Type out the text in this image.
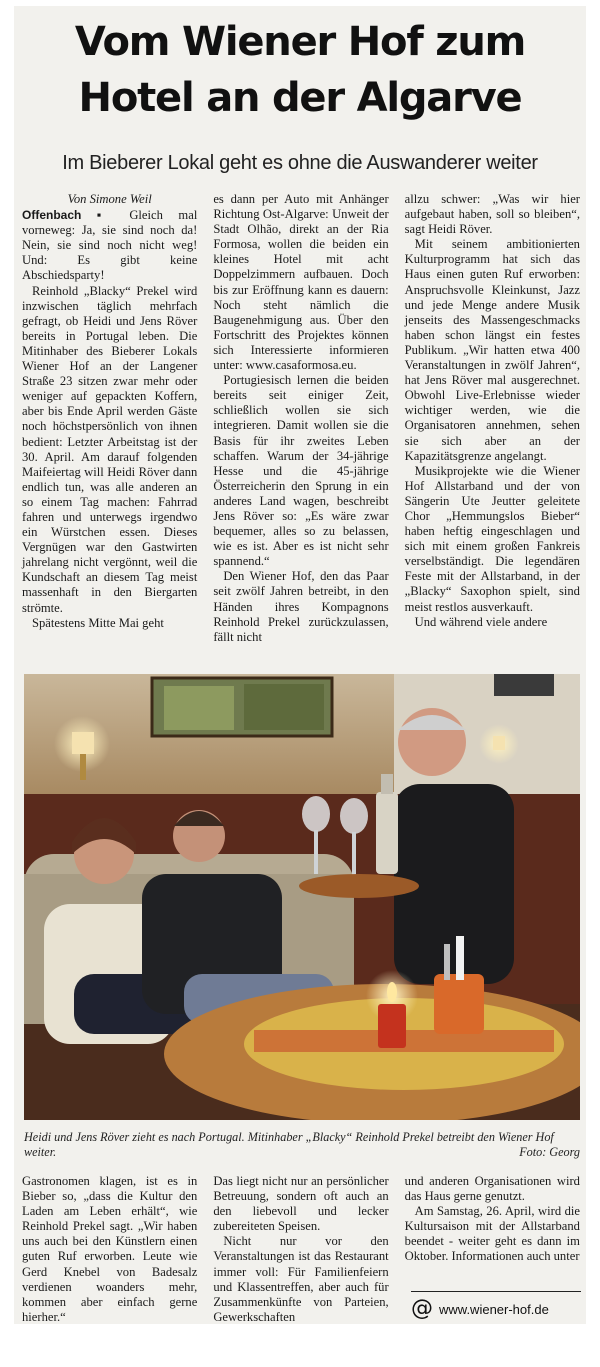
Vom Wiener Hof zum
Hotel an der Algarve
Im Bieberer Lokal geht es ohne die Auswanderer weiter
Von Simone Weil

Offenbach ▪ Gleich mal vorneweg: Ja, sie sind noch da! Nein, sie sind noch nicht weg! Und: Es gibt keine Abschiedsparty!

Reinhold „Blacky“ Prekel wird inzwischen täglich mehrfach gefragt, ob Heidi und Jens Röver bereits in Portugal leben. Die Mitinhaber des Bieberer Lokals Wiener Hof an der Langener Straße 23 sitzen zwar mehr oder weniger auf gepackten Koffern, aber bis Ende April werden Gäste noch höchstpersönlich von ihnen bedient: Letzter Arbeitstag ist der 30. April. Am darauf folgenden Maifeiertag will Heidi Röver dann endlich tun, was alle anderen an so einem Tag machen: Fahrrad fahren und unterwegs irgendwo ein Würstchen essen. Dieses Vergnügen war den Gastwirten jahrelang nicht vergönnt, weil die Kundschaft an diesem Tag meist massenhaft in den Biergarten strömte.

Spätestens Mitte Mai geht

es dann per Auto mit Anhänger Richtung Ost-Algarve: Unweit der Stadt Olhão, direkt an der Ria Formosa, wollen die beiden ein kleines Hotel mit acht Doppelzimmern aufbauen. Doch bis zur Eröffnung kann es dauern: Noch steht nämlich die Baugenehmigung aus. Über den Fortschritt des Projektes können sich Interessierte informieren unter: www.casaformosa.eu.

Portugiesisch lernen die beiden bereits seit einiger Zeit, schließlich wollen sie sich integrieren. Damit wollen sie die Basis für ihr zweites Leben schaffen. Warum der 34-jährige Hesse und die 45-jährige Österreicherin den Sprung in ein anderes Land wagen, beschreibt Jens Röver so: „Es wäre zwar bequemer, alles so zu belassen, wie es ist. Aber es ist nicht sehr spannend.“

Den Wiener Hof, den das Paar seit zwölf Jahren betreibt, in den Händen ihres Kompagnons Reinhold Prekel zurückzulassen, fällt nicht

allzu schwer: „Was wir hier aufgebaut haben, soll so bleiben“, sagt Heidi Röver.

Mit seinem ambitionierten Kulturprogramm hat sich das Haus einen guten Ruf erworben: Anspruchsvolle Kleinkunst, Jazz und jede Menge andere Musik jenseits des Massengeschmacks haben schon längst ein festes Publikum. „Wir hatten etwa 400 Veranstaltungen in zwölf Jahren“, hat Jens Röver mal ausgerechnet. Obwohl Live-Erlebnisse wieder wichtiger werden, wie die Organisatoren annehmen, sehen sie sich aber an der Kapazitätsgrenze angelangt.

Musikprojekte wie die Wiener Hof Allstarband und der von Sängerin Ute Jeutter geleitete Chor „Hemmungslos Bieber“ haben heftig eingeschlagen und sich mit einem großen Fankreis verselbständigt. Die legendären Feste mit der Allstarband, in der „Blacky“ Saxophon spielt, sind meist restlos ausverkauft.

Und während viele andere

Heidi und Jens Röver zieht es nach Portugal. Mitinhaber „Blacky“ Reinhold Prekel betreibt den Wiener Hof weiter.	Foto: Georg

Gastronomen klagen, ist es in Bieber so, „dass die Kultur den Laden am Leben erhält“, wie Reinhold Prekel sagt. „Wir haben uns auch bei den Künstlern einen guten Ruf erworben. Leute wie Gerd Knebel von Badesalz verdienen woanders mehr, kommen aber einfach gerne hierher.“

Das liegt nicht nur an persönlicher Betreuung, sondern oft auch an den liebevoll und lecker zubereiteten Speisen.

Nicht nur vor den Veranstaltungen ist das Restaurant immer voll: Für Familienfeiern und Klassentreffen, aber auch für Zusammenkünfte von Parteien, Gewerkschaften

und anderen Organisationen wird das Haus gerne genutzt.

Am Samstag, 26. April, wird die Kultursaison mit der Allstarband beendet - weiter geht es dann im Oktober. Informationen auch unter

@ www.wiener-hof.de
